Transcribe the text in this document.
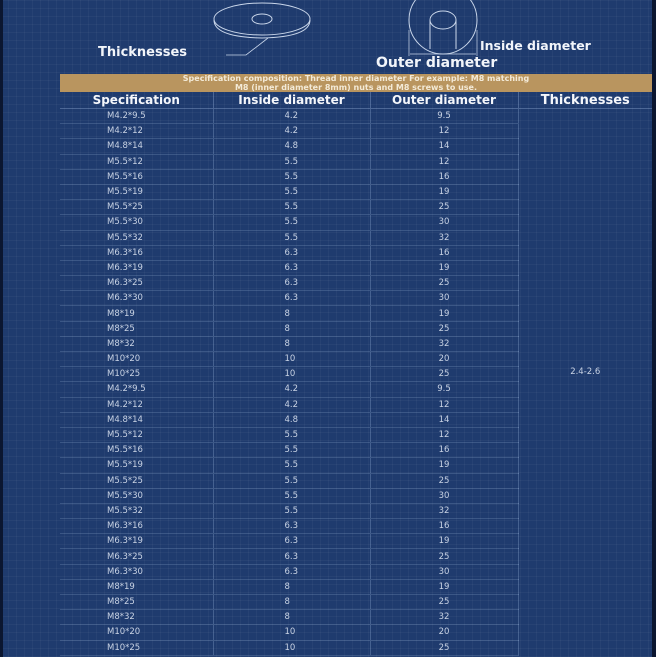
Thicknesses	Inside diameter
Outer diameter
Specification composition: Thread inner diameter For example: M8 matching
M8 (inner diameter 8mm) nuts and M8 screws to use.
Specification	Inside diameter	Outer diameter	Thicknesses
M4.2*9.5	4.2	9.5	2.4-2.6
M4.2*12	4.2	12	
M4.8*14	4.8	14	
M5.5*12	5.5	12	
M5.5*16	5.5	16	
M5.5*19	5.5	19	
M5.5*25	5.5	25	
M5.5*30	5.5	30	
M5.5*32	5.5	32	
M6.3*16	6.3	16	
M6.3*19	6.3	19	
M6.3*25	6.3	25	
M6.3*30	6.3	30	
M8*19	8	19	
M8*25	8	25	
M8*32	8	32	
M10*20	10	20	
M10*25	10	25	
M4.2*9.5	4.2	9.5	
M4.2*12	4.2	12	
M4.8*14	4.8	14	
M5.5*12	5.5	12	
M5.5*16	5.5	16	
M5.5*19	5.5	19	
M5.5*25	5.5	25	
M5.5*30	5.5	30	
M5.5*32	5.5	32	
M6.3*16	6.3	16	
M6.3*19	6.3	19	
M6.3*25	6.3	25	
M6.3*30	6.3	30	
M8*19	8	19	
M8*25	8	25	
M8*32	8	32	
M10*20	10	20	
M10*25	10	25	
